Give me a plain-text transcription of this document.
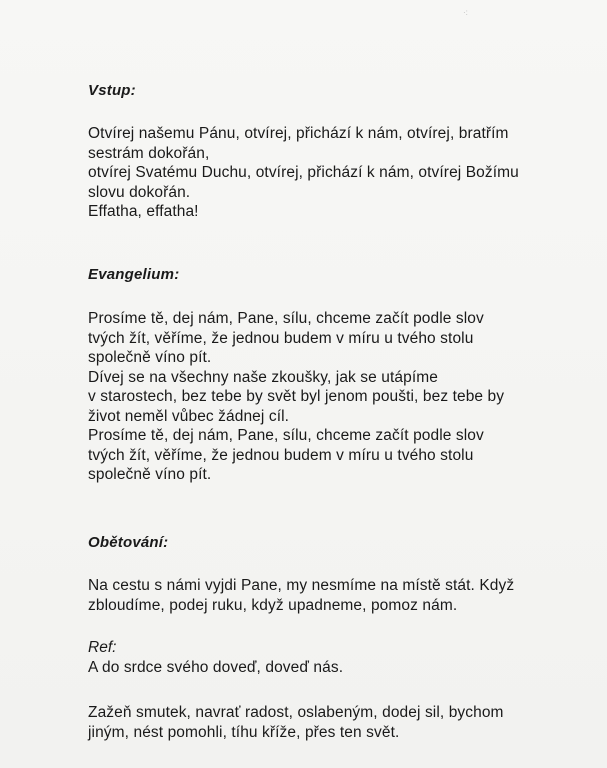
·:
Vstup:

Otvírej našemu Pánu, otvírej, přichází k nám, otvírej, bratřím
sestrám dokořán,
otvírej Svatému Duchu, otvírej, přichází k nám, otvírej Božímu
slovu dokořán.
Effatha, effatha!

Evangelium:

Prosíme tě, dej nám, Pane, sílu, chceme začít podle slov
tvých žít, věříme, že jednou budem v míru u tvého stolu
společně víno pít.
Dívej se na všechny naše zkoušky, jak se utápíme
v starostech, bez tebe by svět byl jenom poušti, bez tebe by
život neměl vůbec žádnej cíl.
Prosíme tě, dej nám, Pane, sílu, chceme začít podle slov
tvých žít, věříme, že jednou budem v míru u tvého stolu
společně víno pít.

Obětování:

Na cestu s námi vyjdi Pane, my nesmíme na místě stát. Když
zbloudíme, podej ruku, když upadneme, pomoz nám.

Ref:

A do srdce svého doveď, doveď nás.

Zažeň smutek, navrať radost, oslabeným, dodej sil, bychom
jiným, nést pomohli, tíhu kříže, přes ten svět.
